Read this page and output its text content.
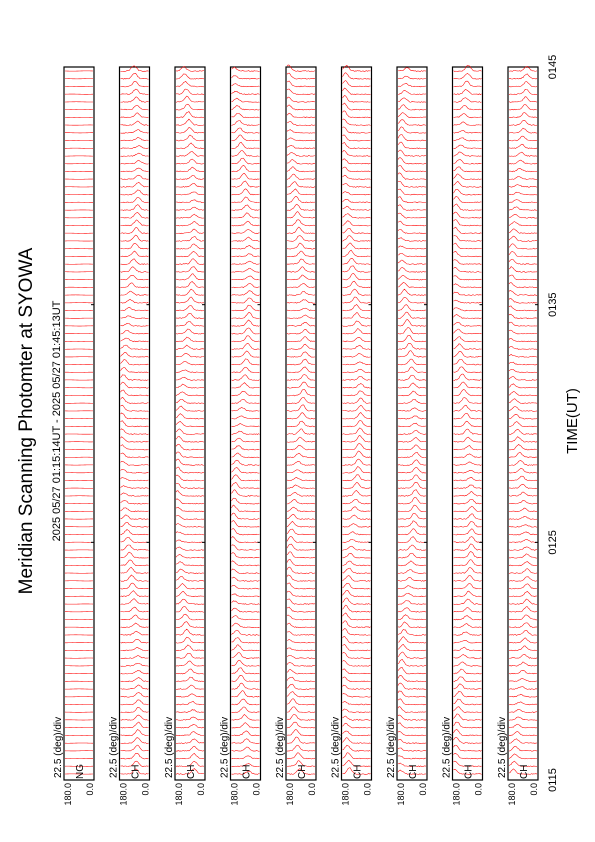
Meridian Scanning Photomter at SYOWA 2025 05/27 01:15:14UT - 2025 05/27 01:45:13UT	TIME(UT)
22.5 (deg)/div
180.0 0.0
NG 22.5 (deg)/div
180.0 0.0
CH 22.5 (deg)/div
180.0 0.0
CH 22.5 (deg)/div
180.0 0.0
CH 22.5 (deg)/div
180.0 0.0
CH 22.5 (deg)/div
180.0 0.0
CH 22.5 (deg)/div
180.0 0.0
CH 22.5 (deg)/div
180.0 0.0
CH 22.5 (deg)/div
180.0 0.0
CH 0115
0125
0135
0145
